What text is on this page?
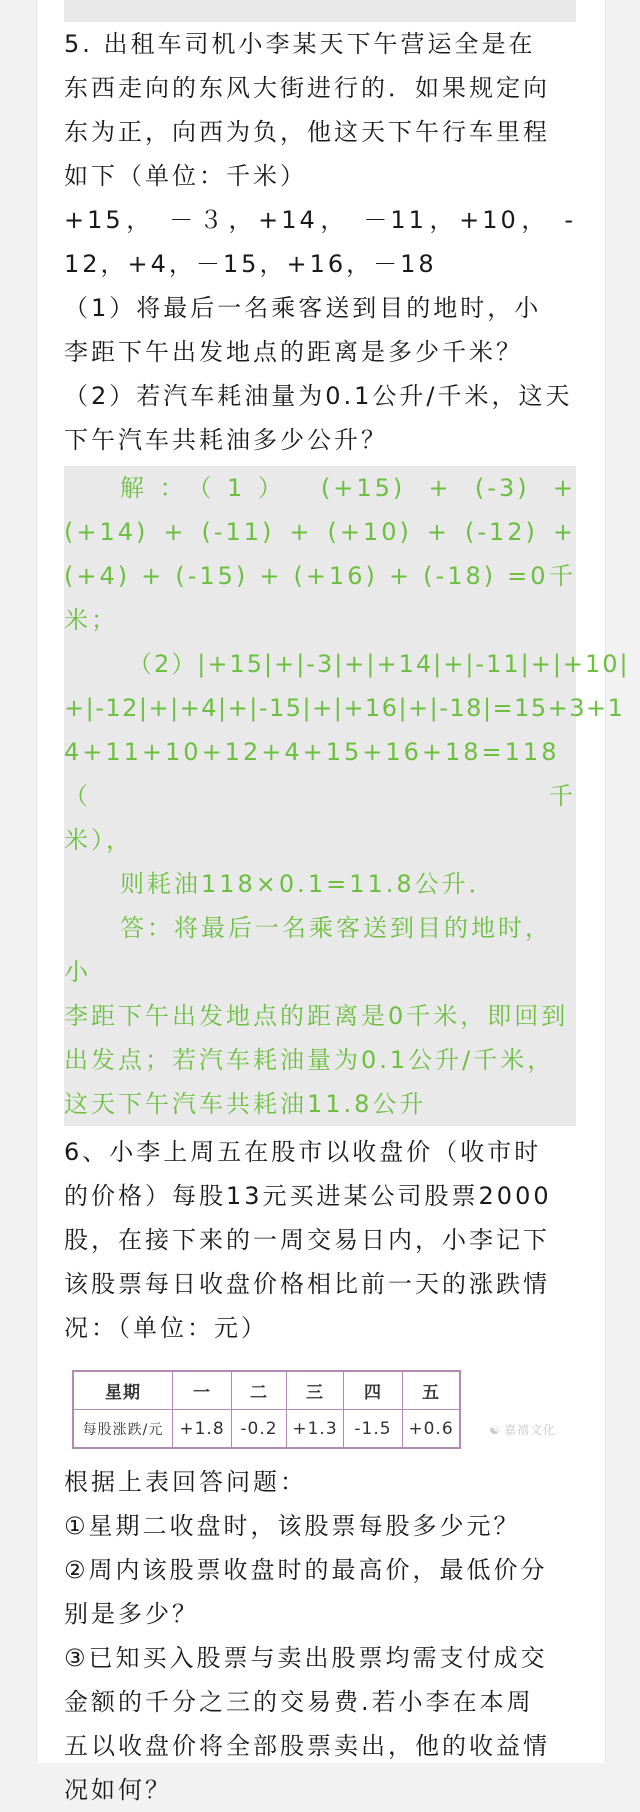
5. 出租车司机小李某天下午营运全是在

东西走向的东风大街进行的．如果规定向

东为正，向西为负，他这天下午行车里程

如下（单位：千米）

+15， －３，+14， －11，+10， -

12，+4，－15，+16，－18

（1）将最后一名乘客送到目的地时，小

李距下午出发地点的距离是多少千米？

（2）若汽车耗油量为0.1公升/千米，这天

下午汽车共耗油多少公升？

解：（1） (+15) + (-3) +

(+14) + (-11) + (+10) + (-12) +

(+4) + (-15) + (+16) + (-18) =0千

米；

（2）|+15|+|-3|+|+14|+|-11|+|+10|

+|-12|+|+4|+|-15|+|+16|+|-18|=15+3+1

4+11+10+12+4+15+16+18=118 （ 千

米），

则耗油118×0.1=11.8公升．

答：将最后一名乘客送到目的地时，小

李距下午出发地点的距离是0千米，即回到

出发点；若汽车耗油量为0.1公升/千米，

这天下午汽车共耗油11.8公升

6、小李上周五在股市以收盘价（收市时

的价格）每股13元买进某公司股票2000

股，在接下来的一周交易日内，小李记下

该股票每日收盘价格相比前一天的涨跌情

况：（单位：元）

星期	一	二	三	四	五
每股涨跌/元	+1.8	-0.2	+1.3	-1.5	+0.6	☯ 嘉禧文化

根据上表回答问题：

①星期二收盘时，该股票每股多少元？

②周内该股票收盘时的最高价，最低价分

别是多少？

③已知买入股票与卖出股票均需支付成交

金额的千分之三的交易费.若小李在本周

五以收盘价将全部股票卖出，他的收益情

况如何？
